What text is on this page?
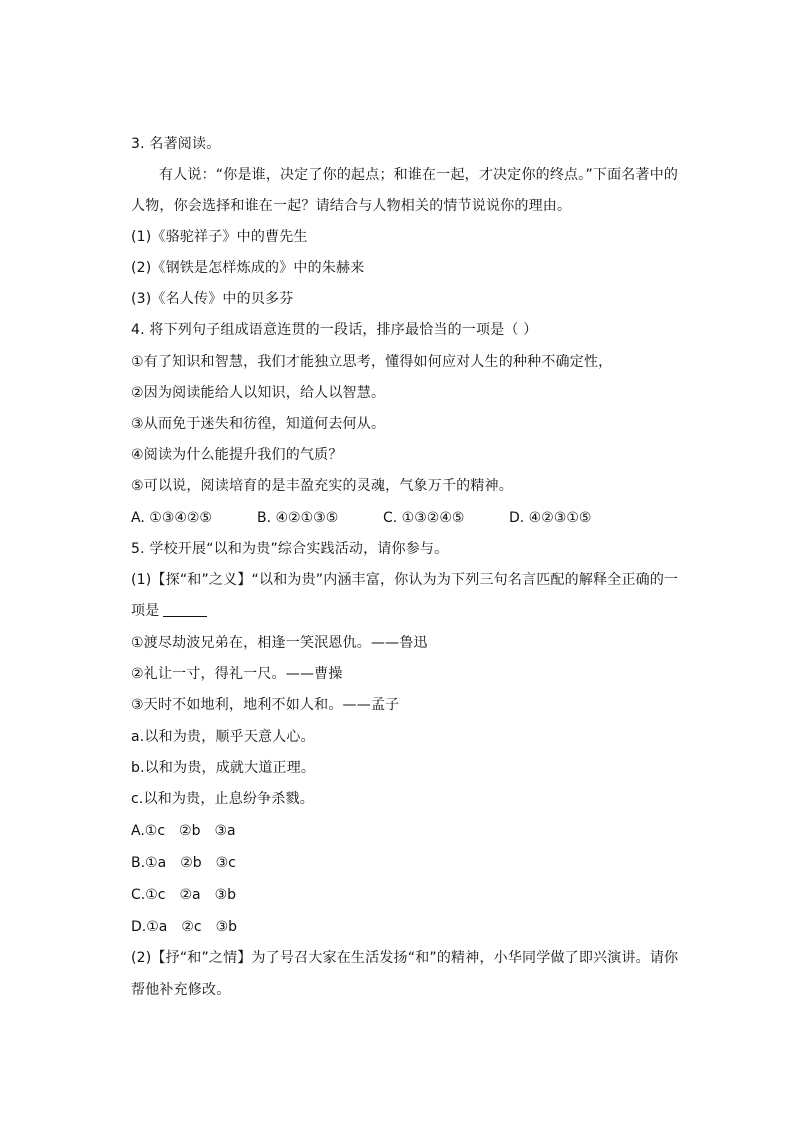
3. 名著阅读。
有人说：“你是谁，决定了你的起点；和谁在一起，才决定你的终点。”下面名著中的
人物，你会选择和谁在一起？请结合与人物相关的情节说说你的理由。
(1)《骆驼祥子》中的曹先生
(2)《钢铁是怎样炼成的》中的朱赫来
(3)《名人传》中的贝多芬
4. 将下列句子组成语意连贯的一段话，排序最恰当的一项是（ ）
①有了知识和智慧，我们才能独立思考，懂得如何应对人生的种种不确定性，
②因为阅读能给人以知识，给人以智慧。
③从而免于迷失和彷徨，知道何去何从。
④阅读为什么能提升我们的气质？
⑤可以说，阅读培育的是丰盈充实的灵魂，气象万千的精神。
A. ①③④②⑤	B. ④②①③⑤	C. ①③②④⑤	D. ④②③①⑤
5. 学校开展“以和为贵”综合实践活动，请你参与。
(1)【探“和”之义】“以和为贵”内涵丰富，你认为为下列三句名言匹配的解释全正确的一
项是
①渡尽劫波兄弟在，相逢一笑泯恩仇。——鲁迅
②礼让一寸，得礼一尺。——曹操
③天时不如地利，地利不如人和。——孟子
a.以和为贵，顺乎天意人心。
b.以和为贵，成就大道正理。
c.以和为贵，止息纷争杀戮。
A.①c ②b ③a
B.①a ②b ③c
C.①c ②a ③b
D.①a ②c ③b
(2)【抒“和”之情】为了号召大家在生活发扬“和”的精神，小华同学做了即兴演讲。请你
帮他补充修改。
